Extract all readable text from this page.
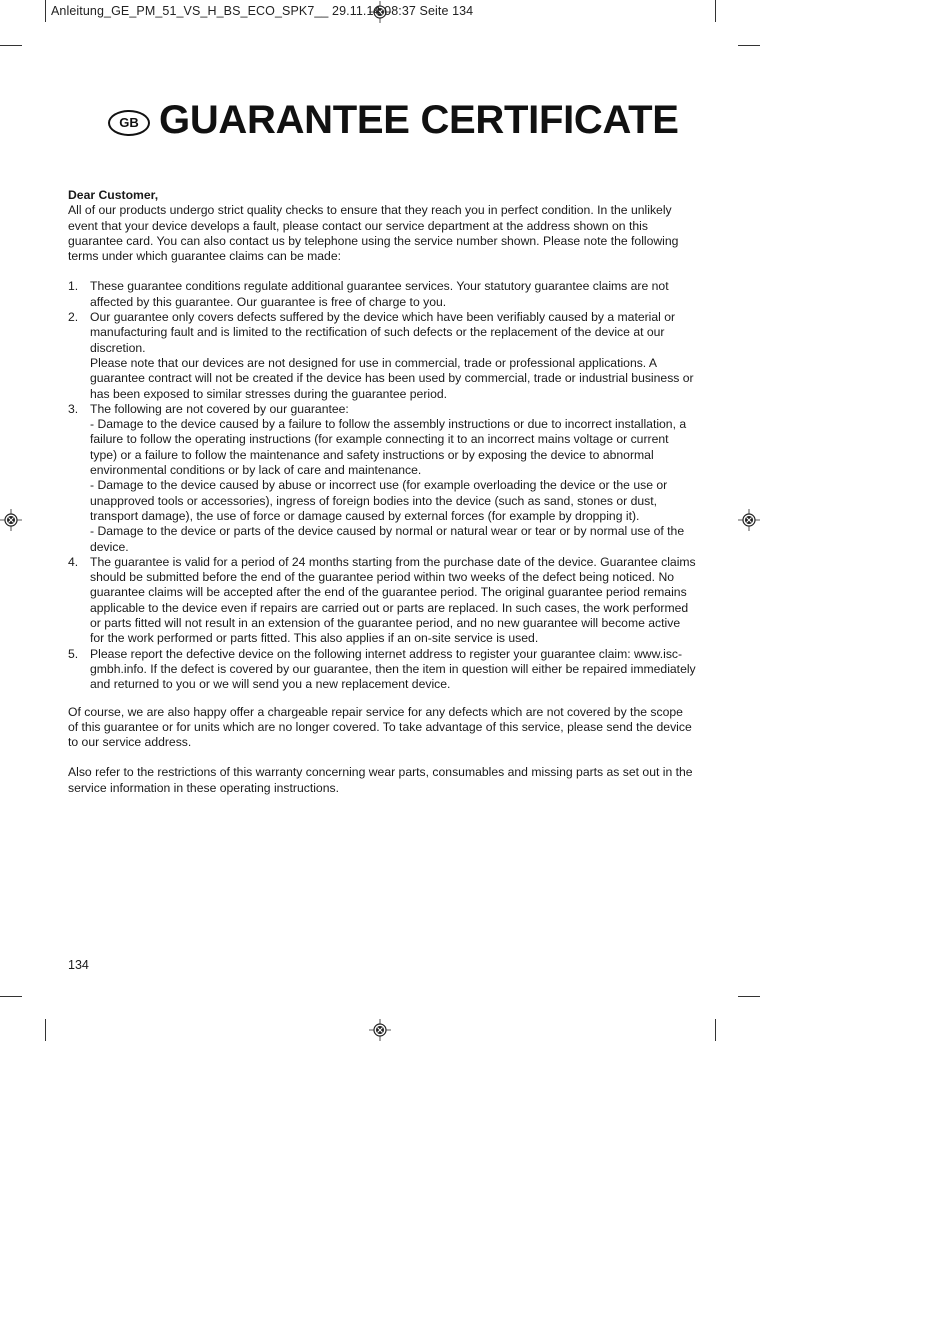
Anleitung_GE_PM_51_VS_H_BS_ECO_SPK7__ 29.11.14 08:37 Seite 134
GB GUARANTEE CERTIFICATE
Dear Customer,

All of our products undergo strict quality checks to ensure that they reach you in perfect condition. In the unlikely event that your device develops a fault, please contact our service department at the address shown on this guarantee card. You can also contact us by telephone using the service number shown. Please note the following terms under which guarantee claims can be made:

1. These guarantee conditions regulate additional guarantee services. Your statutory guarantee claims are not affected by this guarantee. Our guarantee is free of charge to you.
2. Our guarantee only covers defects suffered by the device which have been verifiably caused by a material or manufacturing fault and is limited to the rectification of such defects or the replacement of the device at our discretion.
Please note that our devices are not designed for use in commercial, trade or professional applications. A guarantee contract will not be created if the device has been used by commercial, trade or industrial business or has been exposed to similar stresses during the guarantee period.
3. The following are not covered by our guarantee:
- Damage to the device caused by a failure to follow the assembly instructions or due to incorrect installation, a failure to follow the operating instructions (for example connecting it to an incorrect mains voltage or current type) or a failure to follow the maintenance and safety instructions or by exposing the device to abnormal environmental conditions or by lack of care and maintenance.
- Damage to the device caused by abuse or incorrect use (for example overloading the device or the use or unapproved tools or accessories), ingress of foreign bodies into the device (such as sand, stones or dust, transport damage), the use of force or damage caused by external forces (for example by dropping it).
- Damage to the device or parts of the device caused by normal or natural wear or tear or by normal use of the device.
4. The guarantee is valid for a period of 24 months starting from the purchase date of the device. Guarantee claims should be submitted before the end of the guarantee period within two weeks of the defect being noticed. No guarantee claims will be accepted after the end of the guarantee period. The original guarantee period remains applicable to the device even if repairs are carried out or parts are replaced. In such cases, the work performed or parts fitted will not result in an extension of the guarantee period, and no new guarantee will become active for the work performed or parts fitted. This also applies if an on-site service is used.
5. Please report the defective device on the following internet address to register your guarantee claim: www.isc-gmbh.info. If the defect is covered by our guarantee, then the item in question will either be repaired immediately and returned to you or we will send you a new replacement device.

Of course, we are also happy offer a chargeable repair service for any defects which are not covered by the scope of this guarantee or for units which are no longer covered. To take advantage of this service, please send the device to our service address.

Also refer to the restrictions of this warranty concerning wear parts, consumables and missing parts as set out in the service information in these operating instructions.

134
